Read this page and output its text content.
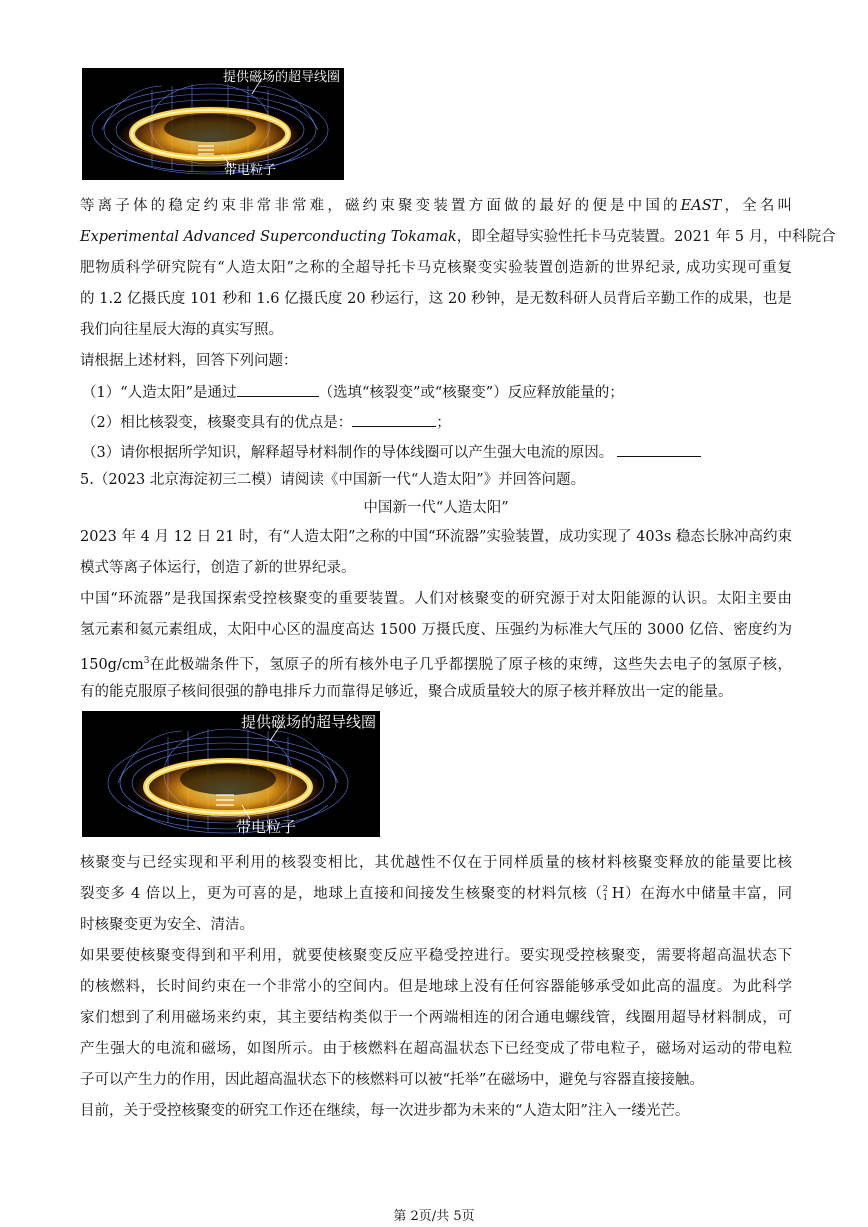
提供磁场的超导线圈
带电粒子
等离子体的稳定约束非常非常难，磁约束聚变装置方面做的最好的便是中国的EAST，全名叫
Experimental Advanced Superconducting Tokamak，即全超导实验性托卡马克装置。2021 年 5 月，中科院合
肥物质科学研究院有“人造太阳”之称的全超导托卡马克核聚变实验装置创造新的世界纪录, 成功实现可重复
的 1.2 亿摄氏度 101 秒和 1.6 亿摄氏度 20 秒运行，这 20 秒钟，是无数科研人员背后辛勤工作的成果，也是
我们向往星辰大海的真实写照。
请根据上述材料，回答下列问题：
（1）“人造太阳”是通过	（选填“核裂变”或“核聚变”）反应释放能量的；
（2）相比核裂变，核聚变具有的优点是：	；
（3）请你根据所学知识，解释超导材料制作的导体线圈可以产生强大电流的原因。
5.（2023 北京海淀初三二模）请阅读《中国新一代“人造太阳”》并回答问题。
中国新一代“人造太阳”
2023 年 4 月 12 日 21 时，有“人造太阳”之称的中国“环流器”实验装置，成功实现了 403s 稳态长脉冲高约束
模式等离子体运行，创造了新的世界纪录。
中国“环流器”是我国探索受控核聚变的重要装置。人们对核聚变的研究源于对太阳能源的认识。太阳主要由
氢元素和氦元素组成，太阳中心区的温度高达 1500 万摄氏度、压强约为标准大气压的 3000 亿倍、密度约为
$150g/cm^3$在此极端条件下，氢原子的所有核外电子几乎都摆脱了原子核的束缚，这些失去电子的氢原子核，
有的能克服原子核间很强的静电排斥力而靠得足够近，聚合成质量较大的原子核并释放出一定的能量。
提供磁场的超导线圈
带电粒子
核聚变与已经实现和平利用的核裂变相比，其优越性不仅在于同样质量的核材料核聚变释放的能量要比核
裂变多 4 倍以上，更为可喜的是，地球上直接和间接发生核聚变的材料氘核（ 2
1 H）在海水中储量丰富，同
时核聚变更为安全、清洁。
如果要使核聚变得到和平利用，就要使核聚变反应平稳受控进行。要实现受控核聚变，需要将超高温状态下
的核燃料，长时间约束在一个非常小的空间内。但是地球上没有任何容器能够承受如此高的温度。为此科学
家们想到了利用磁场来约束，其主要结构类似于一个两端相连的闭合通电螺线管，线圈用超导材料制成，可
产生强大的电流和磁场，如图所示。由于核燃料在超高温状态下已经变成了带电粒子，磁场对运动的带电粒
子可以产生力的作用，因此超高温状态下的核燃料可以被“托举”在磁场中，避免与容器直接接触。
目前，关于受控核聚变的研究工作还在继续，每一次进步都为未来的“人造太阳”注入一缕光芒。
第 2页/共 5页
